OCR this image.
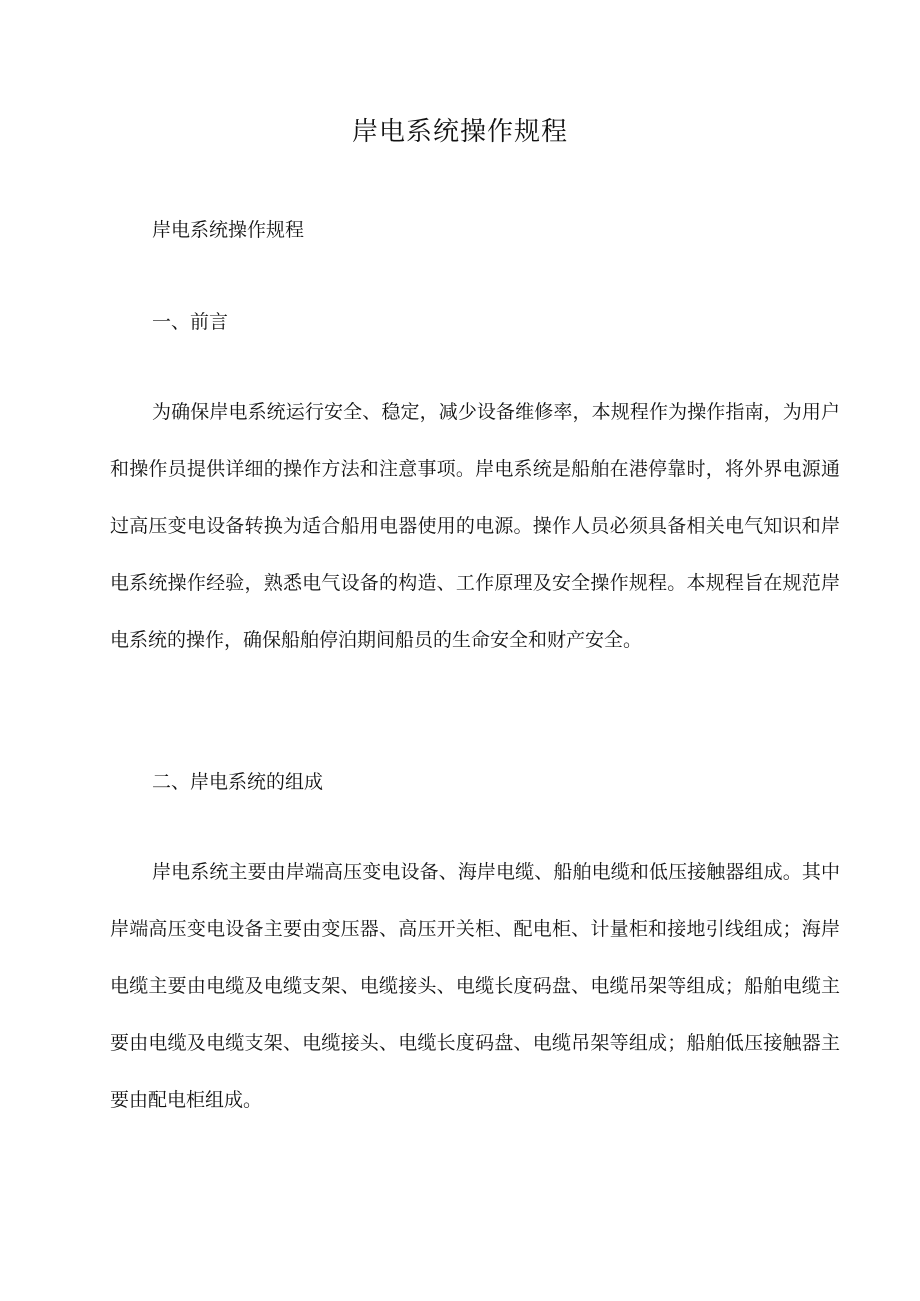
岸电系统操作规程
岸电系统操作规程
一、前言

为确保岸电系统运行安全、稳定，减少设备维修率，本规程作为操作指南，为用户和操作员提供详细的操作方法和注意事项。岸电系统是船舶在港停靠时，将外界电源通过高压变电设备转换为适合船用电器使用的电源。操作人员必须具备相关电气知识和岸电系统操作经验，熟悉电气设备的构造、工作原理及安全操作规程。本规程旨在规范岸电系统的操作，确保船舶停泊期间船员的生命安全和财产安全。

二、岸电系统的组成

岸电系统主要由岸端高压变电设备、海岸电缆、船舶电缆和低压接触器组成。其中岸端高压变电设备主要由变压器、高压开关柜、配电柜、计量柜和接地引线组成；海岸电缆主要由电缆及电缆支架、电缆接头、电缆长度码盘、电缆吊架等组成；船舶电缆主要由电缆及电缆支架、电缆接头、电缆长度码盘、电缆吊架等组成；船舶低压接触器主要由配电柜组成。
